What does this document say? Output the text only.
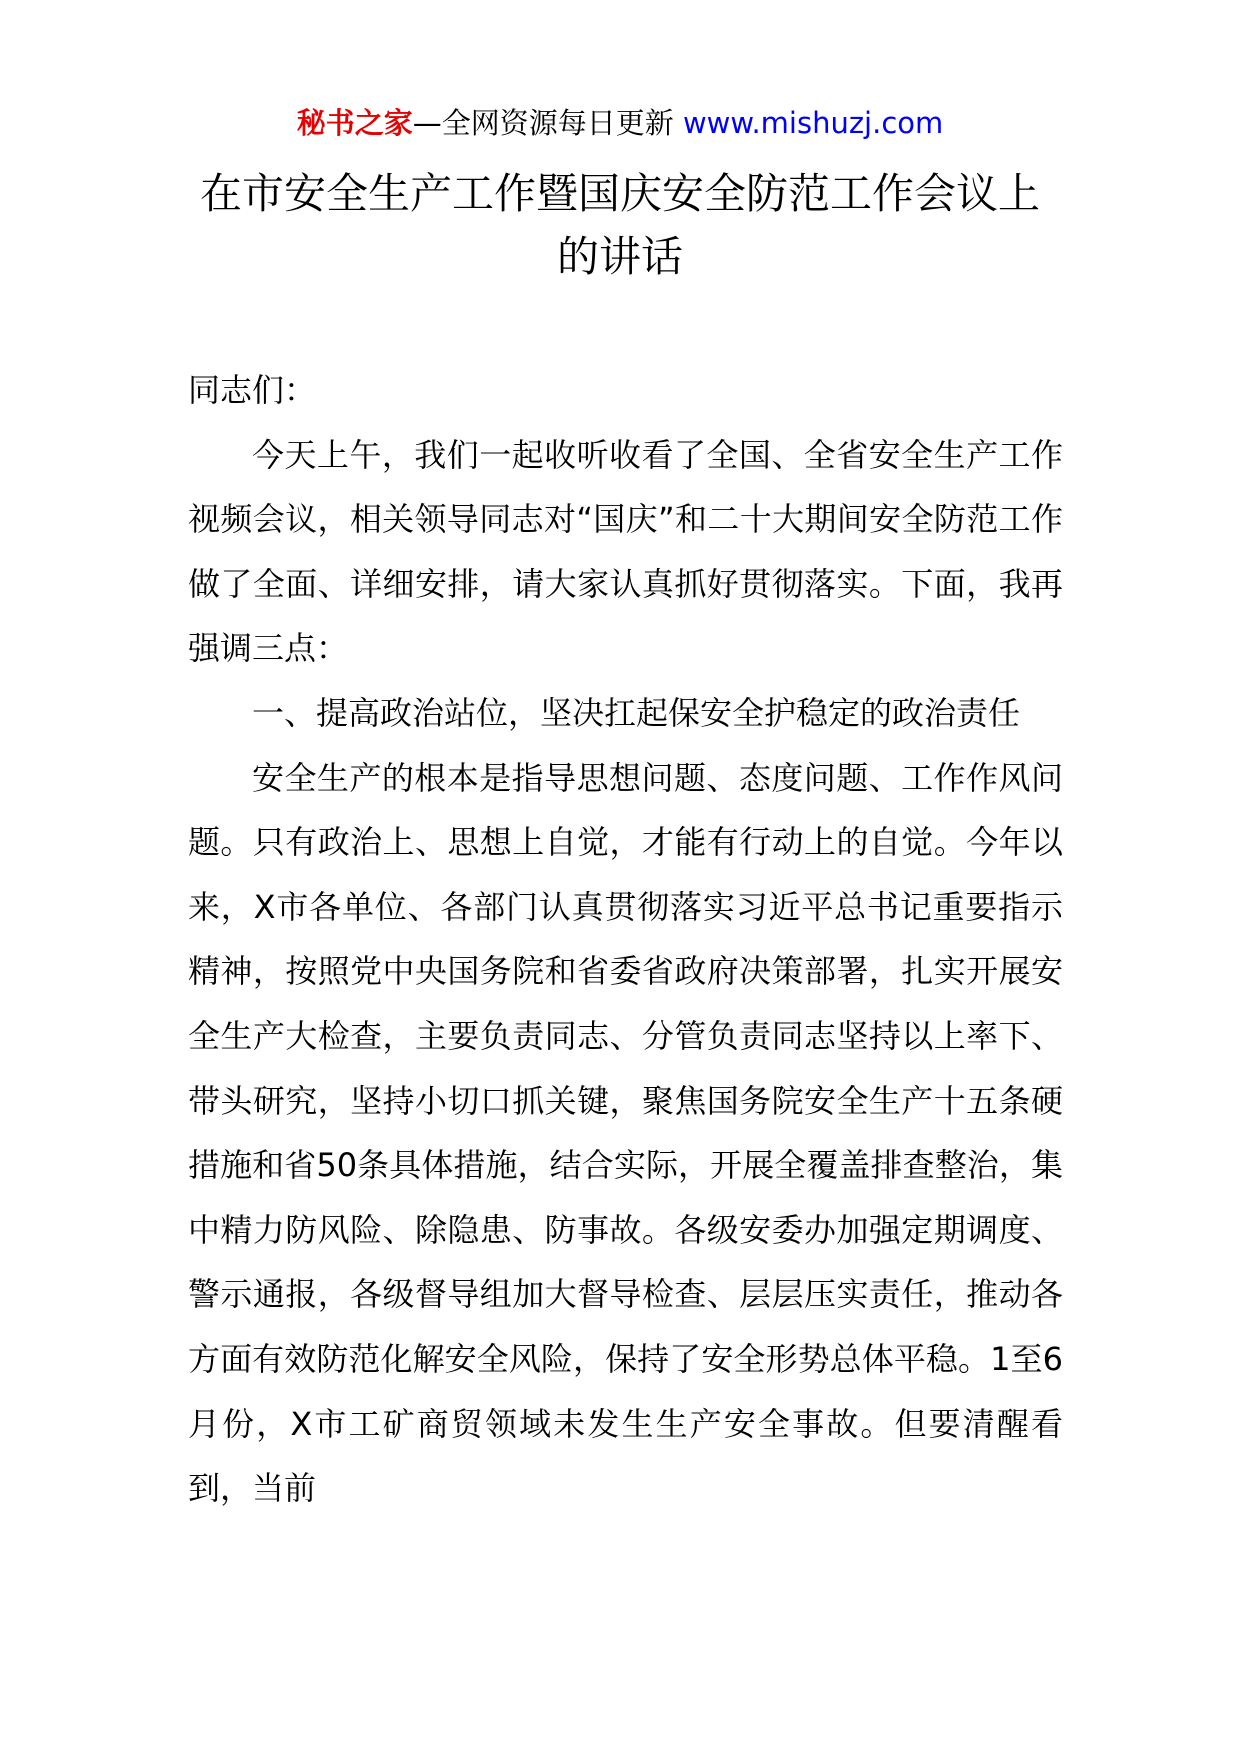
秘书之家—全网资源每日更新 www.mishuzj.com
在市安全生产工作暨国庆安全防范工作会议上的讲话

同志们：

今天上午，我们一起收听收看了全国、全省安全生产工作视频会议，相关领导同志对“国庆”和二十大期间安全防范工作做了全面、详细安排，请大家认真抓好贯彻落实。下面，我再强调三点：

一、提高政治站位，坚决扛起保安全护稳定的政治责任

安全生产的根本是指导思想问题、态度问题、工作作风问题。只有政治上、思想上自觉，才能有行动上的自觉。今年以来，X市各单位、各部门认真贯彻落实习近平总书记重要指示精神，按照党中央国务院和省委省政府决策部署，扎实开展安全生产大检查，主要负责同志、分管负责同志坚持以上率下、带头研究，坚持小切口抓关键，聚焦国务院安全生产十五条硬措施和省50条具体措施，结合实际，开展全覆盖排查整治，集中精力防风险、除隐患、防事故。各级安委办加强定期调度、警示通报，各级督导组加大督导检查、层层压实责任，推动各方面有效防范化解安全风险，保持了安全形势总体平稳。1至6月份，X市工矿商贸领域未发生生产安全事故。但要清醒看到，当前
